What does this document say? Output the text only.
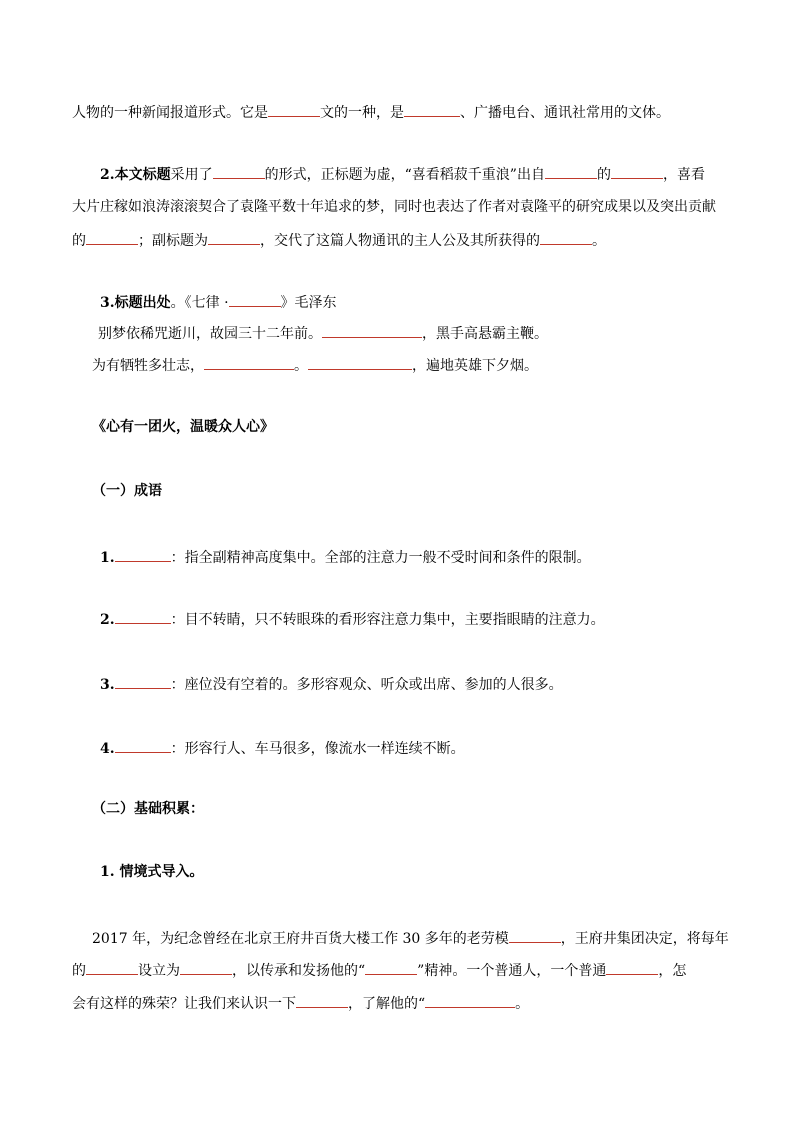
人物的一种新闻报道形式。它是	文的一种，是	、广播电台、通讯社常用的文体。
2.本文标题采用了	的形式，正标题为虚，“喜看稻菽千重浪”出自	的	，喜看
大片庄稼如浪涛滚滚契合了袁隆平数十年追求的梦，同时也表达了作者对袁隆平的研究成果以及突出贡献
的	；副标题为	，交代了这篇人物通讯的主人公及其所获得的	。
3.标题出处。《七律 ·	》毛泽东
别梦依稀咒逝川，故园三十二年前。	，黑手高悬霸主鞭。
为有牺牲多壮志，	。	，遍地英雄下夕烟。
《心有一团火，温暖众人心》
（一）成语
1.	：指全副精神高度集中。全部的注意力一般不受时间和条件的限制。
2.	：目不转睛，只不转眼珠的看形容注意力集中，主要指眼睛的注意力。
3.	：座位没有空着的。多形容观众、听众或出席、参加的人很多。
4.	：形容行人、车马很多，像流水一样连续不断。
（二）基础积累：
1. 情境式导入。
2017 年，为纪念曾经在北京王府井百货大楼工作 30 多年的老劳模	，王府井集团决定，将每年
的	设立为	，以传承和发扬他的“	”精神。一个普通人，一个普通	，怎
会有这样的殊荣？让我们来认识一下	，了解他的“	。
